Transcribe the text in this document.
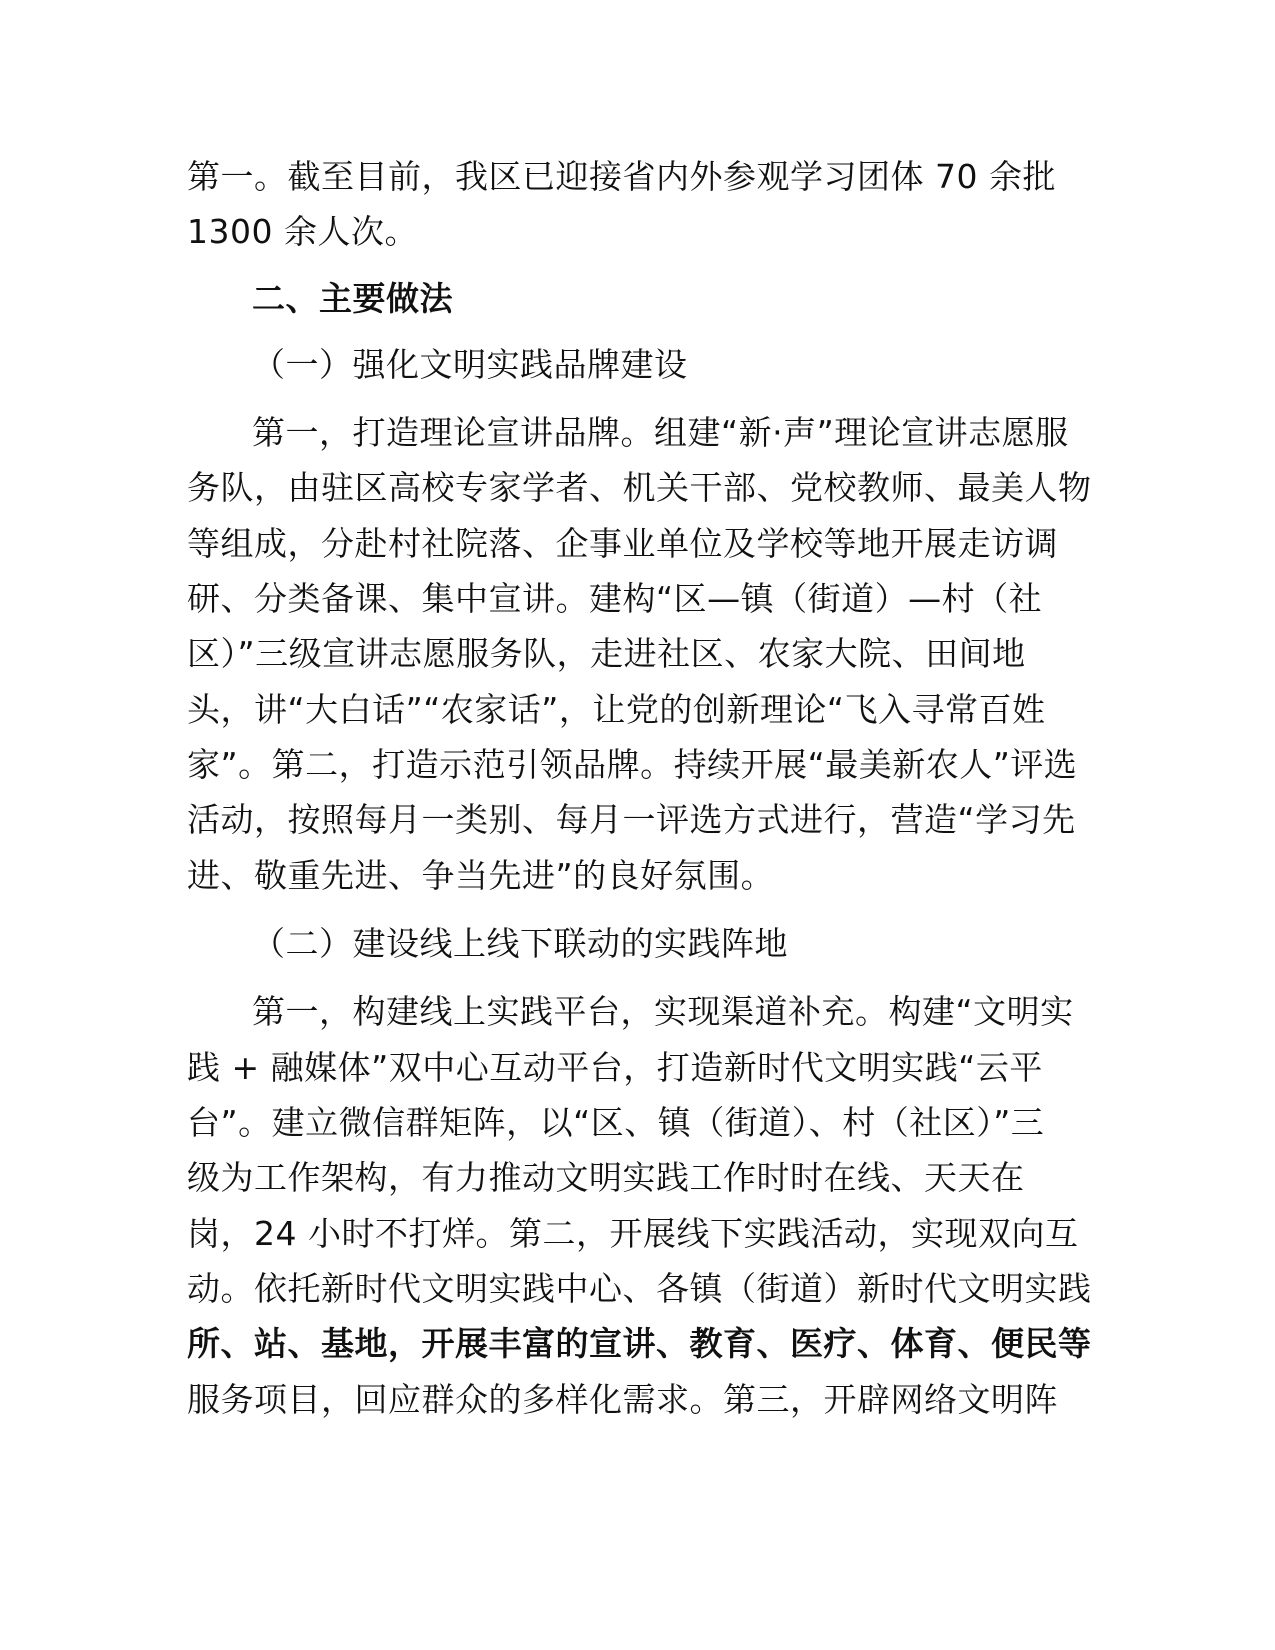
第一。截至目前，我区已迎接省内外参观学习团体 70 余批
1300 余人次。
二、主要做法
（一）强化文明实践品牌建设
第一，打造理论宣讲品牌。组建“新·声”理论宣讲志愿服
务队，由驻区高校专家学者、机关干部、党校教师、最美人物
等组成，分赴村社院落、企事业单位及学校等地开展走访调
研、分类备课、集中宣讲。建构“区—镇（街道）—村（社
区）”三级宣讲志愿服务队，走进社区、农家大院、田间地
头，讲“大白话”“农家话”，让党的创新理论“飞入寻常百姓
家”。第二，打造示范引领品牌。持续开展“最美新农人”评选
活动，按照每月一类别、每月一评选方式进行，营造“学习先
进、敬重先进、争当先进”的良好氛围。
（二）建设线上线下联动的实践阵地
第一，构建线上实践平台，实现渠道补充。构建“文明实
践 + 融媒体”双中心互动平台，打造新时代文明实践“云平
台”。建立微信群矩阵，以“区、镇（街道）、村（社区）”三
级为工作架构，有力推动文明实践工作时时在线、天天在
岗，24 小时不打烊。第二，开展线下实践活动，实现双向互
动。依托新时代文明实践中心、各镇（街道）新时代文明实践
所、站、基地，开展丰富的宣讲、教育、医疗、体育、便民等
服务项目，回应群众的多样化需求。第三，开辟网络文明阵
